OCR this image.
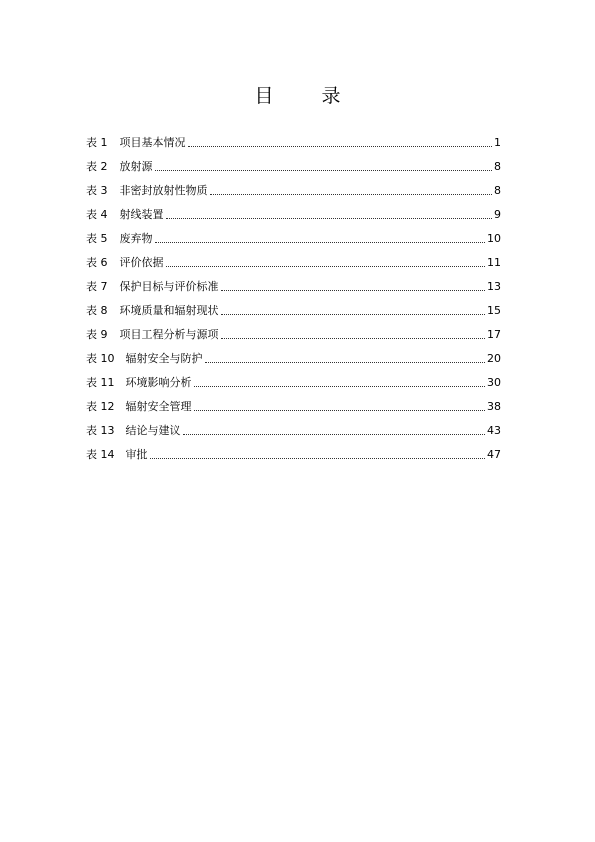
目	录
表 1 项目基本情况	1
表 2 放射源	8
表 3 非密封放射性物质	8
表 4 射线装置	9
表 5 废弃物	10
表 6 评价依据	11
表 7 保护目标与评价标准	13
表 8 环境质量和辐射现状	15
表 9 项目工程分析与源项	17
表 10 辐射安全与防护	20
表 11 环境影响分析	30
表 12 辐射安全管理	38
表 13 结论与建议	43
表 14 审批	47
